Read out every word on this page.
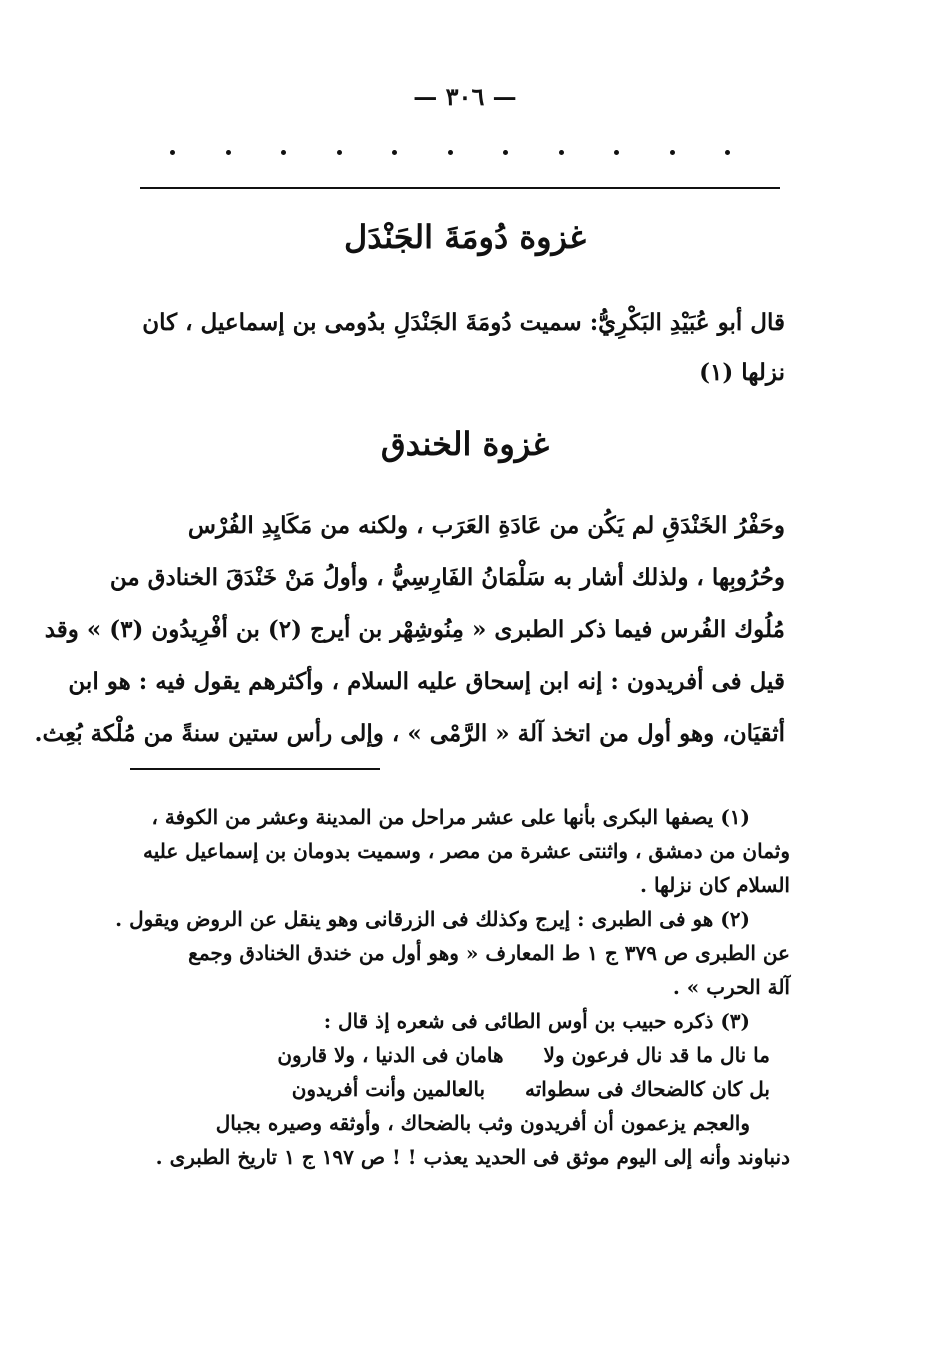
— ٣٠٦ —
غزوة دُومَةَ الجَنْدَل
قال أبو عُبَيْدِ البَكْرِيُّ: سميت دُومَةَ الجَنْدَلِ بدُومى بن إسماعيل ، كان
نزلها (١)
غزوة الخندق
وحَفْرُ الخَنْدَقِ لم يَكُن من عَادَةِ العَرَب ، ولكنه من مَكَايِدِ الفُرْس
وحُرُوبِها ، ولذلك أشار به سَلْمَانُ الفَارِسِيُّ ، وأولُ مَنْ خَنْدَقَ الخنادق من
مُلُوك الفُرس فيما ذكر الطبرى « مِنُوشِهْر بن أيرج (٢) بن أفْرِيدُون (٣) » وقد
قيل فى أفريدون : إنه ابن إسحاق عليه السلام ، وأكثرهم يقول فيه : هو ابن
أثقيَان، وهو أول من اتخذ آلة « الرَّمْى » ، وإلى رأس ستين سنةً من مُلْكة بُعِث.
(١) يصفها البكرى بأنها على عشر مراحل من المدينة وعشر من الكوفة ،
وثمان من دمشق ، واثنتى عشرة من مصر ، وسميت بدومان بن إسماعيل عليه
السلام كان نزلها .
(٢) هو فى الطبرى : إيرج وكذلك فى الزرقانى وهو ينقل عن الروض ويقول .
عن الطبرى ص ٣٧٩ ج ١ ط المعارف « وهو أول من خندق الخنادق وجمع
آلة الحرب » .
(٣) ذكره حبيب بن أوس الطائى فى شعره إذ قال :
ما نال ما قد نال فرعون ولاهامان فى الدنيا ، ولا قارون
بل كان كالضحاك فى سطواتهبالعالمين وأنت أفريدون
والعجم يزعمون أن أفريدون وثب بالضحاك ، وأوثقه وصيره بجبال
دنباوند وأنه إلى اليوم موثق فى الحديد يعذب ! ! ص ١٩٧ ج ١ تاريخ الطبرى .
